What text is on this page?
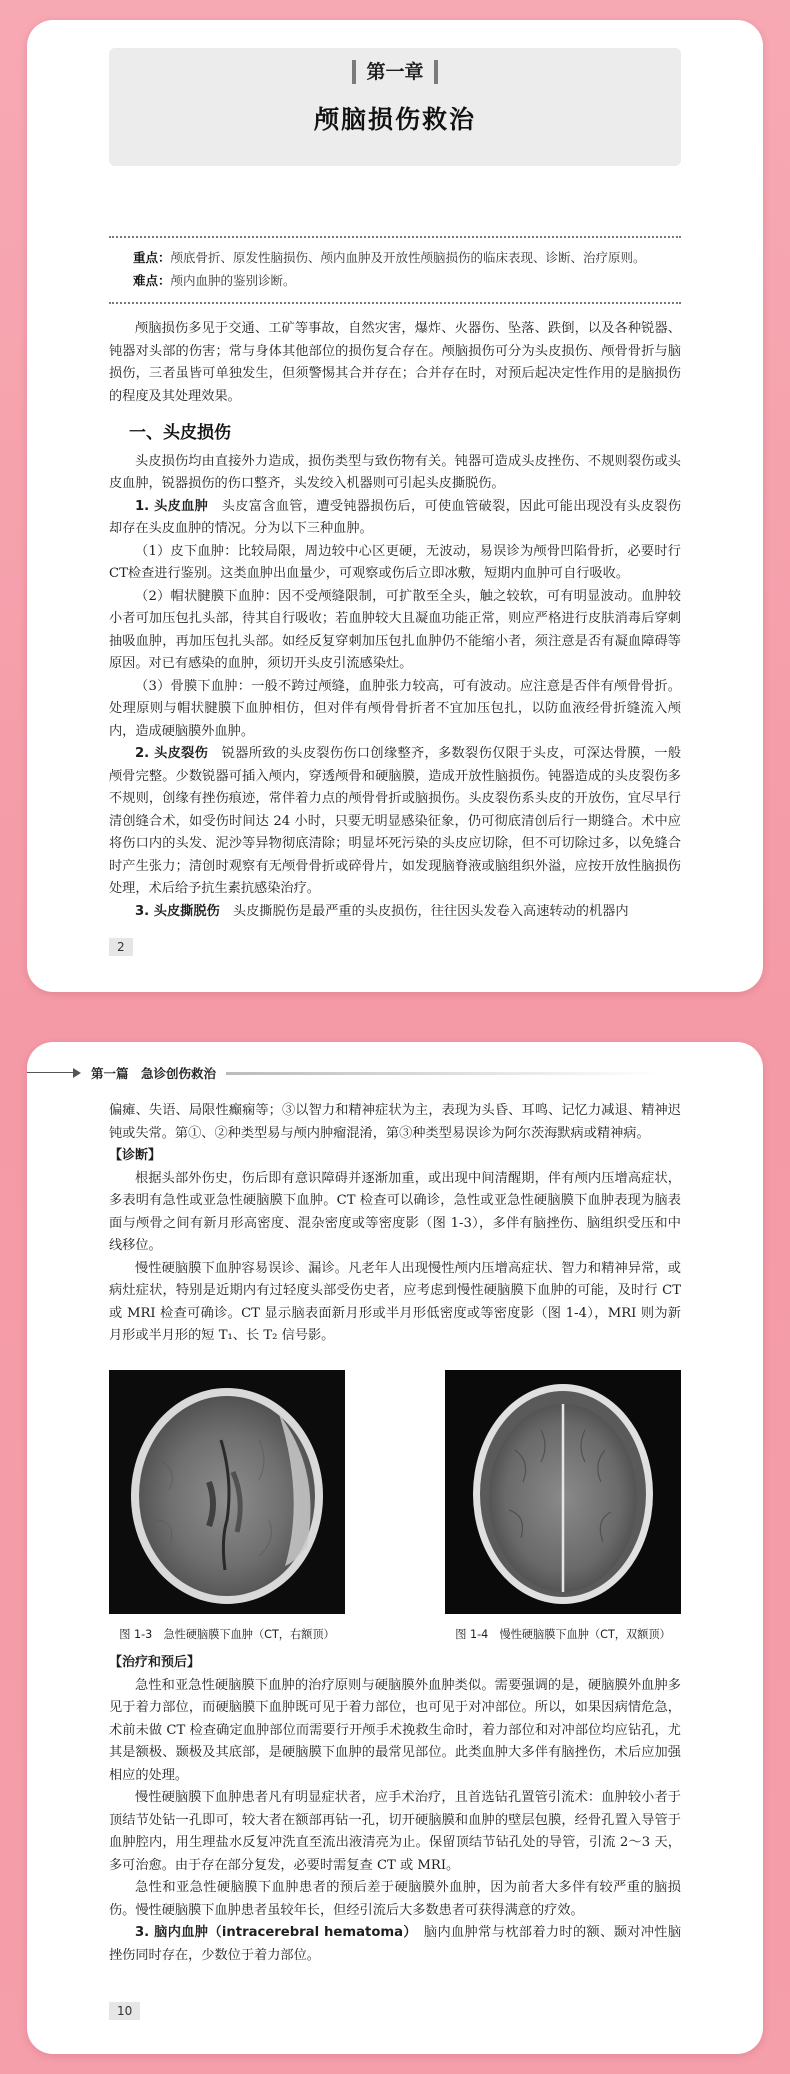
第一章
颅脑损伤救治

重点：颅底骨折、原发性脑损伤、颅内血肿及开放性颅脑损伤的临床表现、诊断、治疗原则。

难点：颅内血肿的鉴别诊断。

颅脑损伤多见于交通、工矿等事故，自然灾害，爆炸、火器伤、坠落、跌倒，以及各种锐器、钝器对头部的伤害；常与身体其他部位的损伤复合存在。颅脑损伤可分为头皮损伤、颅骨骨折与脑损伤，三者虽皆可单独发生，但须警惕其合并存在；合并存在时，对预后起决定性作用的是脑损伤的程度及其处理效果。

一、头皮损伤

头皮损伤均由直接外力造成，损伤类型与致伤物有关。钝器可造成头皮挫伤、不规则裂伤或头皮血肿，锐器损伤的伤口整齐，头发绞入机器则可引起头皮撕脱伤。

1. 头皮血肿　 头皮富含血管，遭受钝器损伤后，可使血管破裂，因此可能出现没有头皮裂伤却存在头皮血肿的情况。分为以下三种血肿。

（1）皮下血肿：比较局限，周边较中心区更硬，无波动，易误诊为颅骨凹陷骨折，必要时行CT检查进行鉴别。这类血肿出血量少，可观察或伤后立即冰敷，短期内血肿可自行吸收。

（2）帽状腱膜下血肿：因不受颅缝限制，可扩散至全头，触之较软，可有明显波动。血肿较小者可加压包扎头部，待其自行吸收；若血肿较大且凝血功能正常，则应严格进行皮肤消毒后穿刺抽吸血肿，再加压包扎头部。如经反复穿刺加压包扎血肿仍不能缩小者，须注意是否有凝血障碍等原因。对已有感染的血肿，须切开头皮引流感染灶。

（3）骨膜下血肿：一般不跨过颅缝，血肿张力较高，可有波动。应注意是否伴有颅骨骨折。处理原则与帽状腱膜下血肿相仿，但对伴有颅骨骨折者不宜加压包扎，以防血液经骨折缝流入颅内，造成硬脑膜外血肿。

2. 头皮裂伤　 锐器所致的头皮裂伤伤口创缘整齐，多数裂伤仅限于头皮，可深达骨膜，一般颅骨完整。少数锐器可插入颅内，穿透颅骨和硬脑膜，造成开放性脑损伤。钝器造成的头皮裂伤多不规则，创缘有挫伤痕迹，常伴着力点的颅骨骨折或脑损伤。头皮裂伤系头皮的开放伤，宜尽早行清创缝合术，如受伤时间达 24 小时，只要无明显感染征象，仍可彻底清创后行一期缝合。术中应将伤口内的头发、泥沙等异物彻底清除；明显坏死污染的头皮应切除，但不可切除过多，以免缝合时产生张力；清创时观察有无颅骨骨折或碎骨片，如发现脑脊液或脑组织外溢，应按开放性脑损伤处理，术后给予抗生素抗感染治疗。

3. 头皮撕脱伤　 头皮撕脱伤是最严重的头皮损伤，往往因头发卷入高速转动的机器内

2
第一篇　急诊创伤救治

偏瘫、失语、局限性癫痫等；③以智力和精神症状为主，表现为头昏、耳鸣、记忆力减退、精神迟钝或失常。第①、②种类型易与颅内肿瘤混淆，第③种类型易误诊为阿尔茨海默病或精神病。

【诊断】

根据头部外伤史，伤后即有意识障碍并逐渐加重，或出现中间清醒期，伴有颅内压增高症状，多表明有急性或亚急性硬脑膜下血肿。CT 检查可以确诊，急性或亚急性硬脑膜下血肿表现为脑表面与颅骨之间有新月形高密度、混杂密度或等密度影（图 1-3），多伴有脑挫伤、脑组织受压和中线移位。

慢性硬脑膜下血肿容易误诊、漏诊。凡老年人出现慢性颅内压增高症状、智力和精神异常，或病灶症状，特别是近期内有过轻度头部受伤史者，应考虑到慢性硬脑膜下血肿的可能，及时行 CT 或 MRI 检查可确诊。CT 显示脑表面新月形或半月形低密度或等密度影（图 1-4），MRI 则为新月形或半月形的短 T₁、长 T₂ 信号影。

图 1-3　急性硬脑膜下血肿（CT，右额顶）	图 1-4　慢性硬脑膜下血肿（CT，双额顶）

【治疗和预后】

急性和亚急性硬脑膜下血肿的治疗原则与硬脑膜外血肿类似。需要强调的是，硬脑膜外血肿多见于着力部位，而硬脑膜下血肿既可见于着力部位，也可见于对冲部位。所以，如果因病情危急，术前未做 CT 检查确定血肿部位而需要行开颅手术挽救生命时，着力部位和对冲部位均应钻孔，尤其是额极、颞极及其底部，是硬脑膜下血肿的最常见部位。此类血肿大多伴有脑挫伤，术后应加强相应的处理。

慢性硬脑膜下血肿患者凡有明显症状者，应手术治疗，且首选钻孔置管引流术：血肿较小者于顶结节处钻一孔即可，较大者在额部再钻一孔，切开硬脑膜和血肿的壁层包膜，经骨孔置入导管于血肿腔内，用生理盐水反复冲洗直至流出液清亮为止。保留顶结节钻孔处的导管，引流 2～3 天，多可治愈。由于存在部分复发，必要时需复查 CT 或 MRI。

急性和亚急性硬脑膜下血肿患者的预后差于硬脑膜外血肿，因为前者大多伴有较严重的脑损伤。慢性硬脑膜下血肿患者虽较年长，但经引流后大多数患者可获得满意的疗效。

3. 脑内血肿（intracerebral hematoma）　 脑内血肿常与枕部着力时的额、颞对冲性脑挫伤同时存在，少数位于着力部位。

10
